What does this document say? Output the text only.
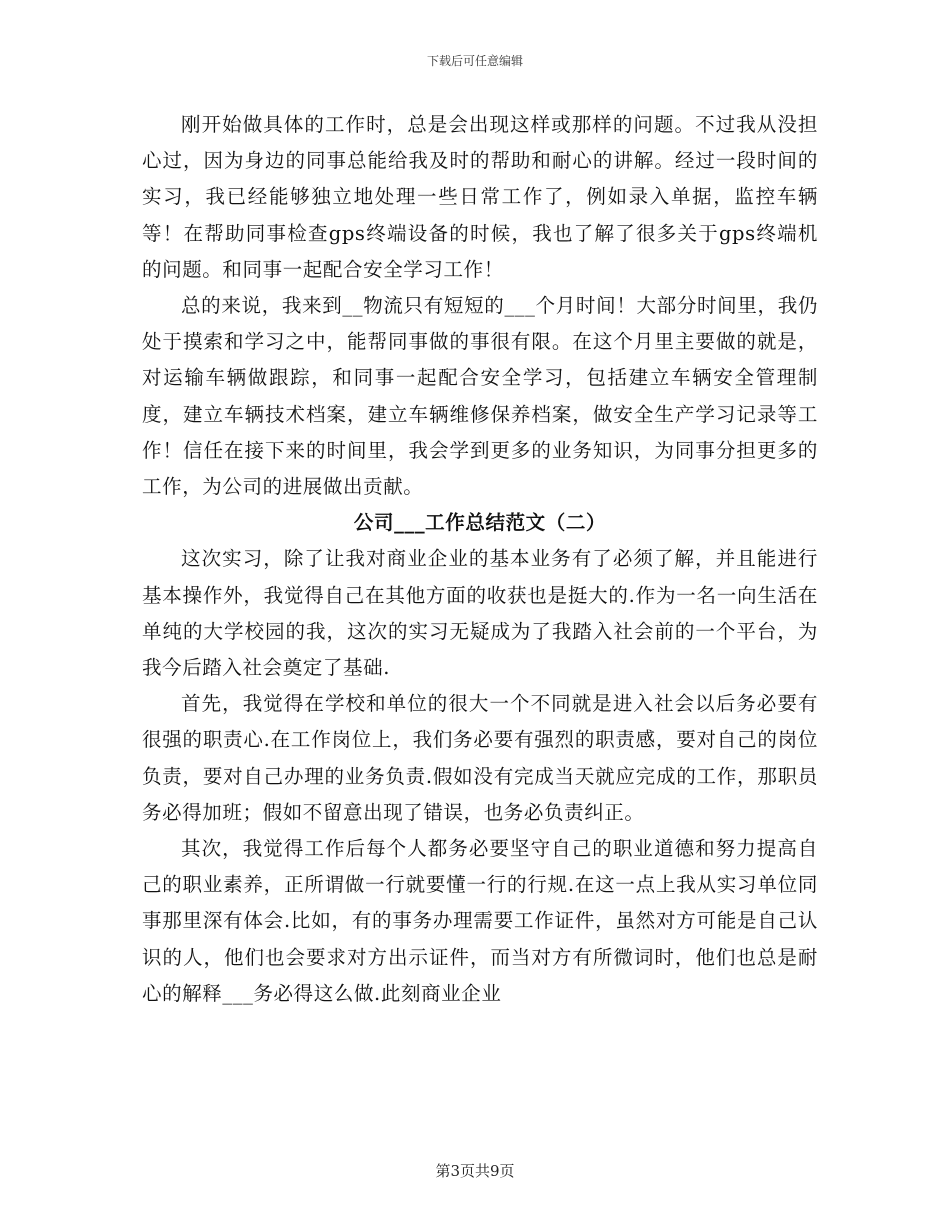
下载后可任意编辑

刚开始做具体的工作时，总是会出现这样或那样的问题。不过我从没担心过，因为身边的同事总能给我及时的帮助和耐心的讲解。经过一段时间的实习，我已经能够独立地处理一些日常工作了，例如录入单据，监控车辆等！在帮助同事检查gps终端设备的时候，我也了解了很多关于gps终端机的问题。和同事一起配合安全学习工作！

总的来说，我来到__物流只有短短的___个月时间！大部分时间里，我仍处于摸索和学习之中，能帮同事做的事很有限。在这个月里主要做的就是，对运输车辆做跟踪，和同事一起配合安全学习，包括建立车辆安全管理制度，建立车辆技术档案，建立车辆维修保养档案，做安全生产学习记录等工作！信任在接下来的时间里，我会学到更多的业务知识，为同事分担更多的工作，为公司的进展做出贡献。

公司___工作总结范文（二）

这次实习，除了让我对商业企业的基本业务有了必须了解，并且能进行基本操作外，我觉得自己在其他方面的收获也是挺大的.作为一名一向生活在单纯的大学校园的我，这次的实习无疑成为了我踏入社会前的一个平台，为我今后踏入社会奠定了基础.

首先，我觉得在学校和单位的很大一个不同就是进入社会以后务必要有很强的职责心.在工作岗位上，我们务必要有强烈的职责感，要对自己的岗位负责，要对自己办理的业务负责.假如没有完成当天就应完成的工作，那职员务必得加班；假如不留意出现了错误，也务必负责纠正。

其次，我觉得工作后每个人都务必要坚守自己的职业道德和努力提高自己的职业素养，正所谓做一行就要懂一行的行规.在这一点上我从实习单位同事那里深有体会.比如，有的事务办理需要工作证件，虽然对方可能是自己认识的人，他们也会要求对方出示证件，而当对方有所微词时，他们也总是耐心的解释___务必得这么做.此刻商业企业

第3页共9页
